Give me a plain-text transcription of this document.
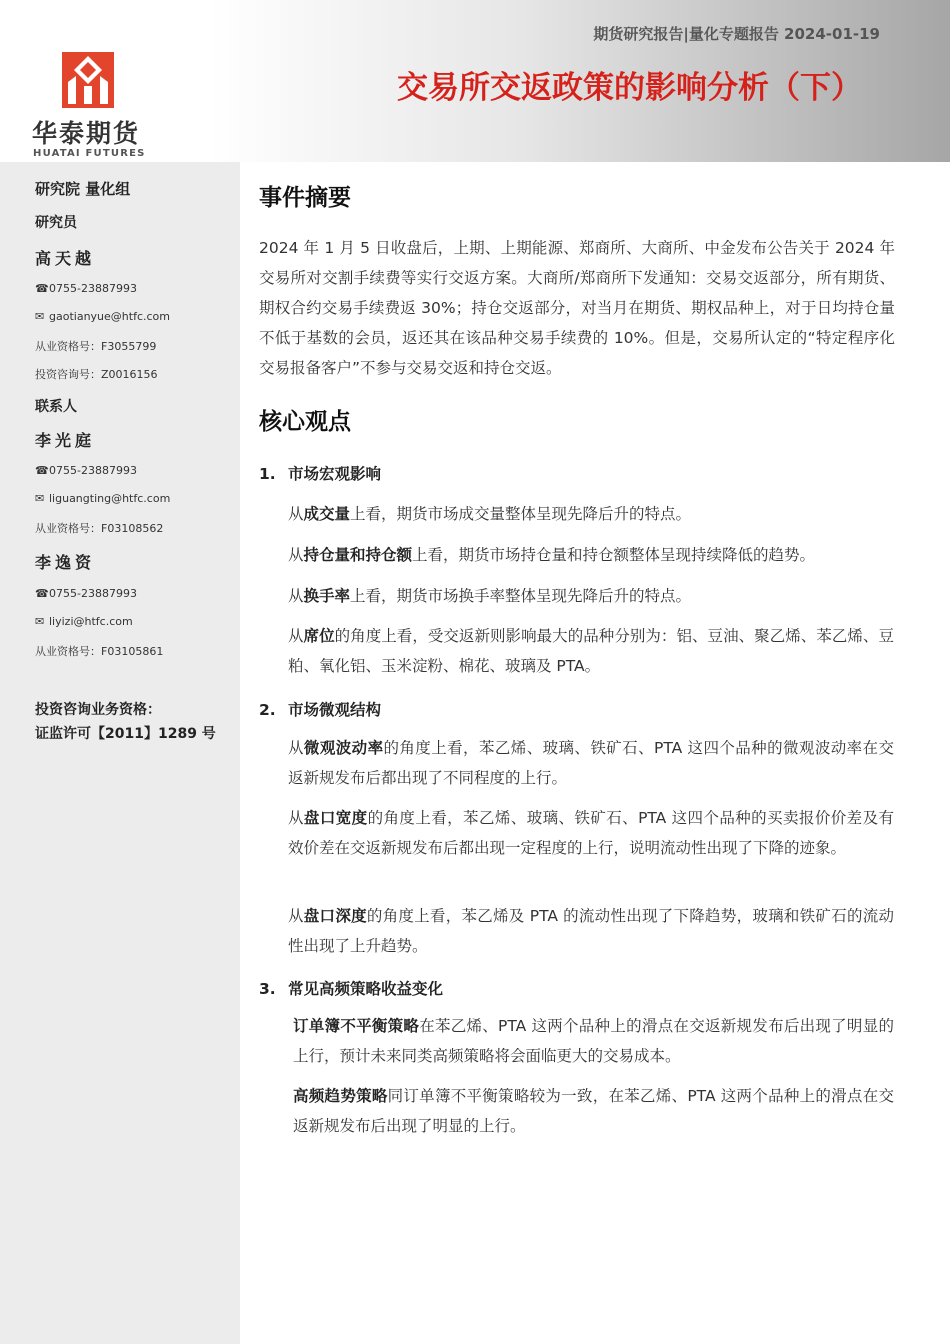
华泰期货
HUATAI FUTURES
期货研究报告|量化专题报告 2024-01-19
交易所交返政策的影响分析（下）
研究院 量化组
研究员
高天越
☎0755-23887993
✉ gaotianyue@htfc.com
从业资格号：F3055799
投资咨询号：Z0016156
联系人
李光庭
☎0755-23887993
✉ liguangting@htfc.com
从业资格号：F03108562
李逸资
☎0755-23887993
✉ liyizi@htfc.com
从业资格号：F03105861
投资咨询业务资格：
证监许可【2011】1289 号
事件摘要
2024 年 1 月 5 日收盘后，上期、上期能源、郑商所、大商所、中金发布公告关于 2024 年交易所对交割手续费等实行交返方案。大商所/郑商所下发通知：交易交返部分，所有期货、期权合约交易手续费返 30%；持仓交返部分，对当月在期货、期权品种上，对于日均持仓量不低于基数的会员，返还其在该品种交易手续费的 10%。但是，交易所认定的“特定程序化交易报备客户”不参与交易交返和持仓交返。
核心观点
1. 市场宏观影响
从成交量上看，期货市场成交量整体呈现先降后升的特点。
从持仓量和持仓额上看，期货市场持仓量和持仓额整体呈现持续降低的趋势。
从换手率上看，期货市场换手率整体呈现先降后升的特点。
从席位的角度上看，受交返新则影响最大的品种分别为：铝、豆油、聚乙烯、苯乙烯、豆粕、氧化铝、玉米淀粉、棉花、玻璃及 PTA。
2. 市场微观结构
从微观波动率的角度上看，苯乙烯、玻璃、铁矿石、PTA 这四个品种的微观波动率在交返新规发布后都出现了不同程度的上行。
从盘口宽度的角度上看，苯乙烯、玻璃、铁矿石、PTA 这四个品种的买卖报价价差及有效价差在交返新规发布后都出现一定程度的上行，说明流动性出现了下降的迹象。
从盘口深度的角度上看，苯乙烯及 PTA 的流动性出现了下降趋势，玻璃和铁矿石的流动性出现了上升趋势。
3. 常见高频策略收益变化
订单簿不平衡策略在苯乙烯、PTA 这两个品种上的滑点在交返新规发布后出现了明显的上行，预计未来同类高频策略将会面临更大的交易成本。
高频趋势策略同订单簿不平衡策略较为一致，在苯乙烯、PTA 这两个品种上的滑点在交返新规发布后出现了明显的上行。
